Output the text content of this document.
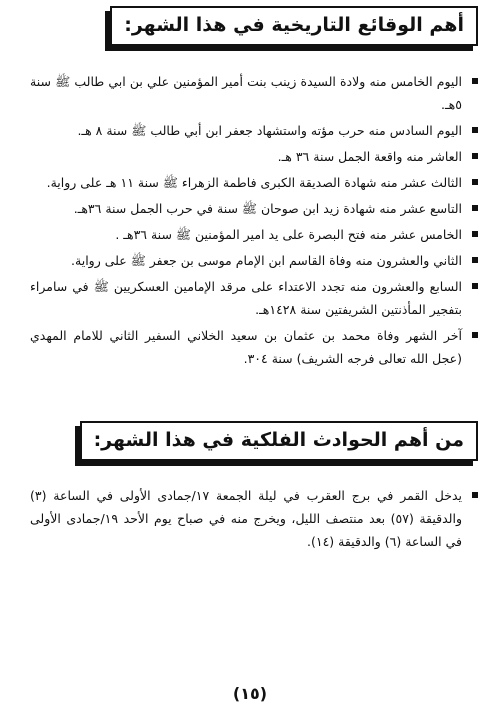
أهم الوقائع التاريخية في هذا الشهر:
اليوم الخامس منه ولادة السيدة زينب بنت أمير المؤمنين علي بن ابي طالب ﷺ سنة ٥هـ.
اليوم السادس منه حرب مؤته واستشهاد جعفر ابن أبي طالب ﷺ سنة ٨ هـ.
العاشر منه واقعة الجمل سنة ٣٦ هـ.
الثالث عشر منه شهادة الصديقة الكبرى فاطمة الزهراء ﷺ سنة ١١ هـ على رواية.
التاسع عشر منه شهادة زيد ابن صوحان ﷺ سنة في حرب الجمل سنة ٣٦هـ.
الخامس عشر منه فتح البصرة على يد امير المؤمنين ﷺ سنة ٣٦هـ .
الثاني والعشرون منه وفاة القاسم ابن الإمام موسى بن جعفر ﷺ على رواية.
السابع والعشرون منه تجدد الاعتداء على مرقد الإمامين العسكريين ﷺ في سامراء بتفجير المأذنتين الشريفتين سنة ١٤٢٨هـ.
آخر الشهر وفاة محمد بن عثمان بن سعيد الخلاني السفير الثاني للامام المهدي (عجل الله تعالى فرجه الشريف) سنة ٣٠٤.
من أهم الحوادث الفلكية في هذا الشهر:
يدخل القمر في برج العقرب في ليلة الجمعة ١٧/جمادى الأولى في الساعة (٣) والدقيقة (٥٧) بعد منتصف الليل، ويخرج منه في صباح يوم الأحد ١٩/جمادى الأولى في الساعة (٦) والدقيقة (١٤).
(١٥)
